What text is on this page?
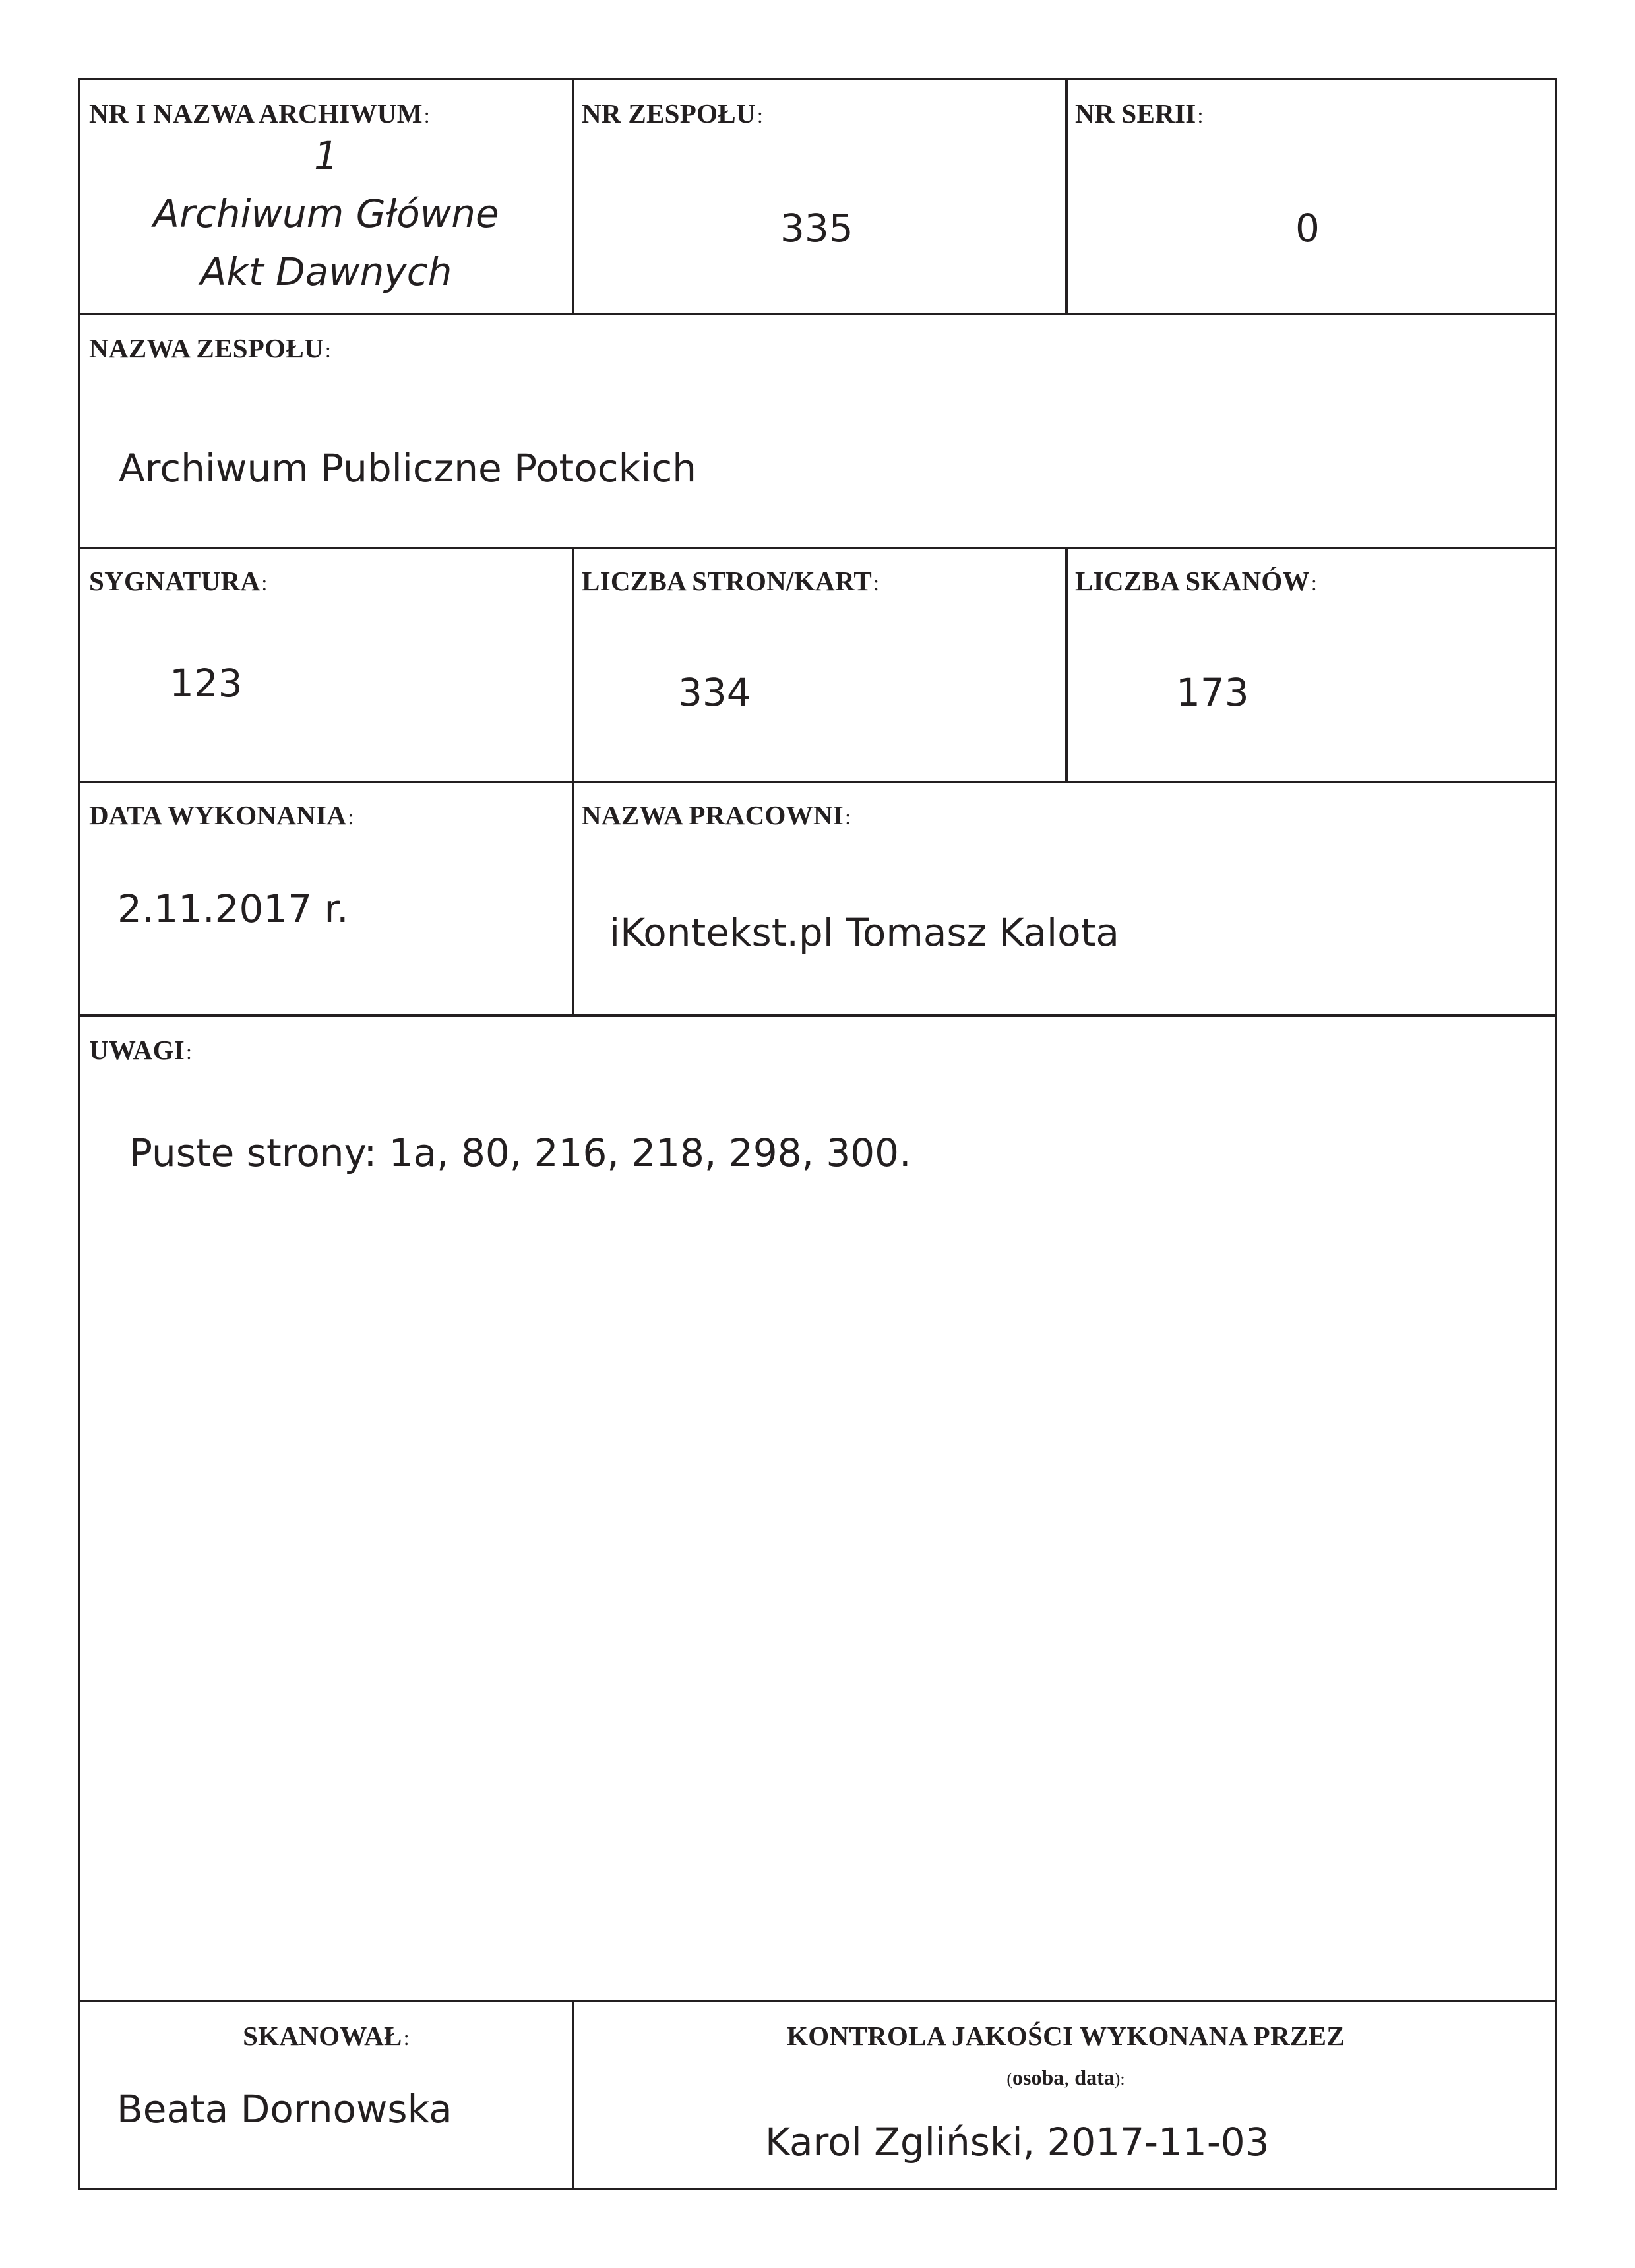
NR I NAZWA ARCHIWUM:
1
Archiwum Główne
Akt Dawnych
NR ZESPOŁU:
335
NR SERII:
0
NAZWA ZESPOŁU:
Archiwum Publiczne Potockich
SYGNATURA:
123
LICZBA STRON/KART:
334
LICZBA SKANÓW:
173
DATA WYKONANIA:
2.11.2017 r.
NAZWA PRACOWNI:
iKontekst.pl Tomasz Kalota
UWAGI:
Puste strony: 1a, 80, 216, 218, 298, 300.
SKANOWAŁ:
Beata Dornowska
KONTROLA JAKOŚCI WYKONANA PRZEZ
(osoba, data):
Karol Zgliński, 2017-11-03
